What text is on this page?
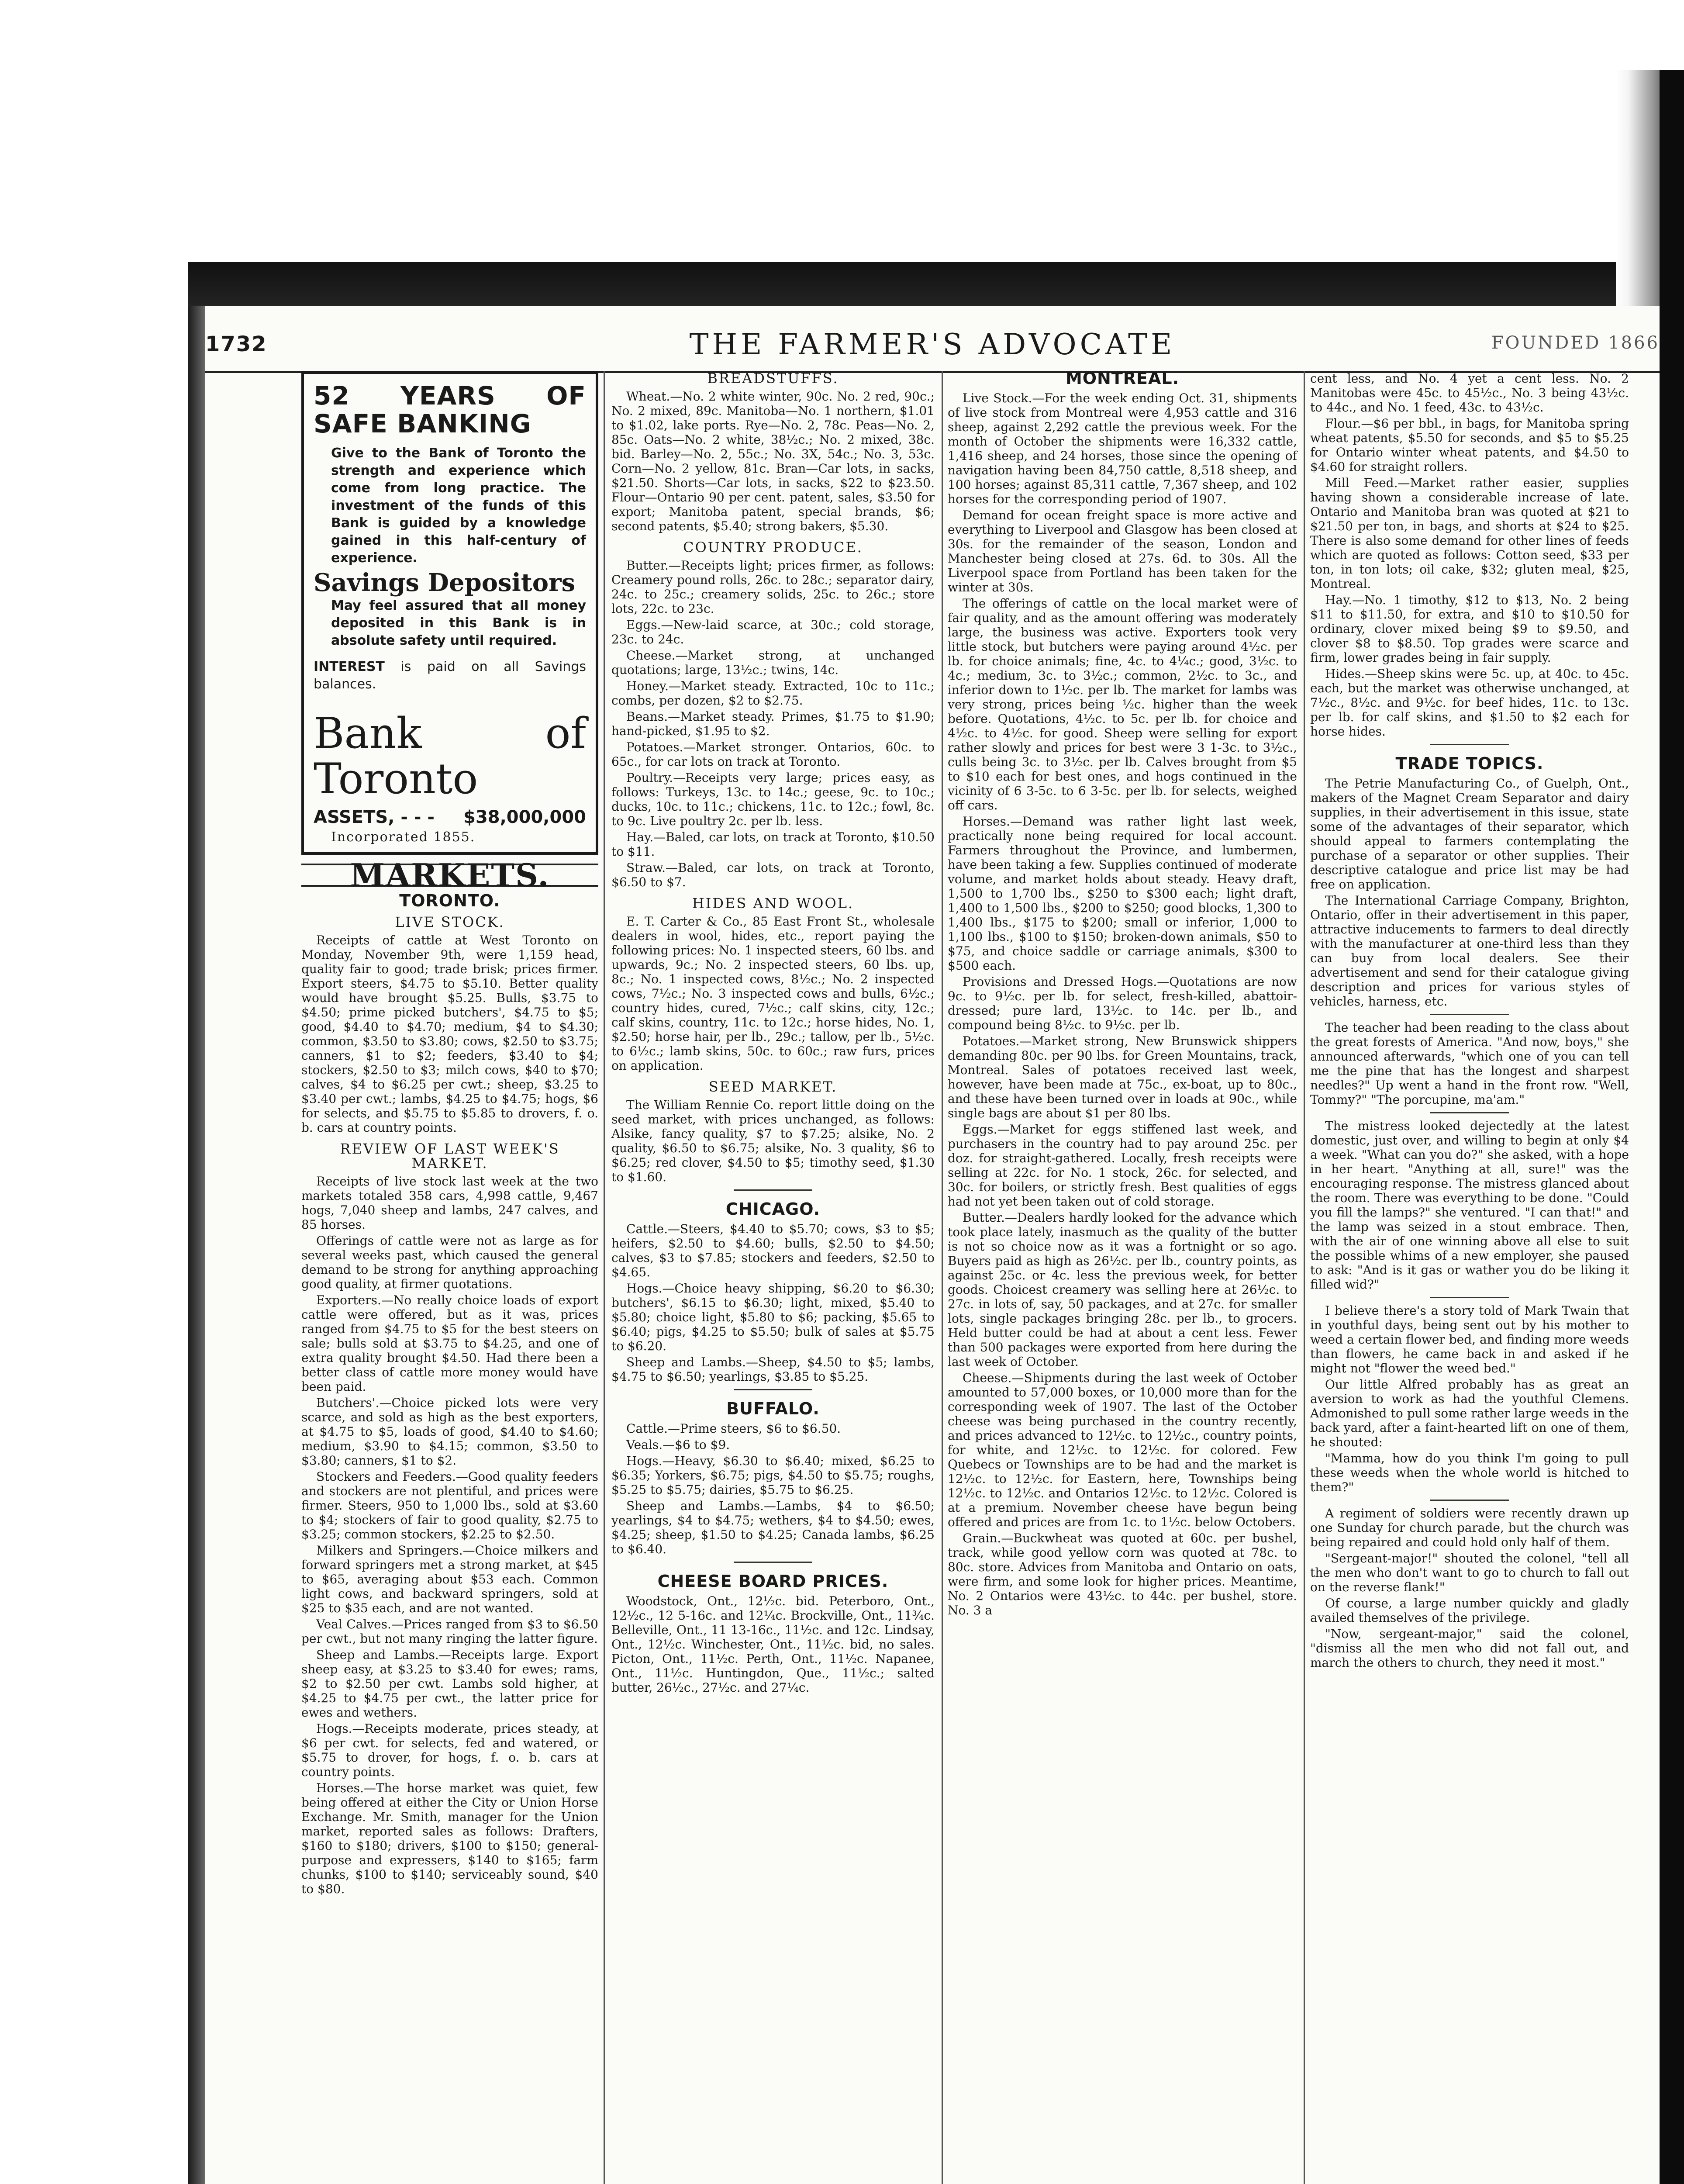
1732	THE FARMER'S ADVOCATE	FOUNDED 1866
52 YEARS OF SAFE BANKING
Give to the Bank of Toronto the strength and experience which come from long practice. The investment of the funds of this Bank is guided by a knowledge gained in this half-century of experience.
Savings Depositors
May feel assured that all money deposited in this Bank is in absolute safety until required.
INTEREST is paid on all Savings balances.
Bank of Toronto
ASSETS, - - - $38,000,000
Incorporated 1855.
MARKETS.
TORONTO.
LIVE STOCK.

Receipts of cattle at West Toronto on Monday, November 9th, were 1,159 head, quality fair to good; trade brisk; prices firmer. Export steers, $4.75 to $5.10. Better quality would have brought $5.25. Bulls, $3.75 to $4.50; prime picked butchers', $4.75 to $5; good, $4.40 to $4.70; medium, $4 to $4.30; common, $3.50 to $3.80; cows, $2.50 to $3.75; canners, $1 to $2; feeders, $3.40 to $4; stockers, $2.50 to $3; milch cows, $40 to $70; calves, $4 to $6.25 per cwt.; sheep, $3.25 to $3.40 per cwt.; lambs, $4.25 to $4.75; hogs, $6 for selects, and $5.75 to $5.85 to drovers, f. o. b. cars at country points.

REVIEW OF LAST WEEK'S MARKET.

Receipts of live stock last week at the two markets totaled 358 cars, 4,998 cattle, 9,467 hogs, 7,040 sheep and lambs, 247 calves, and 85 horses.

Offerings of cattle were not as large as for several weeks past, which caused the general demand to be strong for anything approaching good quality, at firmer quotations.

Exporters.—No really choice loads of export cattle were offered, but as it was, prices ranged from $4.75 to $5 for the best steers on sale; bulls sold at $3.75 to $4.25, and one of extra quality brought $4.50. Had there been a better class of cattle more money would have been paid.

Butchers'.—Choice picked lots were very scarce, and sold as high as the best exporters, at $4.75 to $5, loads of good, $4.40 to $4.60; medium, $3.90 to $4.15; common, $3.50 to $3.80; canners, $1 to $2.

Stockers and Feeders.—Good quality feeders and stockers are not plentiful, and prices were firmer. Steers, 950 to 1,000 lbs., sold at $3.60 to $4; stockers of fair to good quality, $2.75 to $3.25; common stockers, $2.25 to $2.50.

Milkers and Springers.—Choice milkers and forward springers met a strong market, at $45 to $65, averaging about $53 each. Common light cows, and backward springers, sold at $25 to $35 each, and are not wanted.

Veal Calves.—Prices ranged from $3 to $6.50 per cwt., but not many ringing the latter figure.

Sheep and Lambs.—Receipts large. Export sheep easy, at $3.25 to $3.40 for ewes; rams, $2 to $2.50 per cwt. Lambs sold higher, at $4.25 to $4.75 per cwt., the latter price for ewes and wethers.

Hogs.—Receipts moderate, prices steady, at $6 per cwt. for selects, fed and watered, or $5.75 to drover, for hogs, f. o. b. cars at country points.

Horses.—The horse market was quiet, few being offered at either the City or Union Horse Exchange. Mr. Smith, manager for the Union market, reported sales as follows: Drafters, $160 to $180; drivers, $100 to $150; general-purpose and expressers, $140 to $165; farm chunks, $100 to $140; serviceably sound, $40 to $80.

BREADSTUFFS.

Wheat.—No. 2 white winter, 90c. No. 2 red, 90c.; No. 2 mixed, 89c. Manitoba—No. 1 northern, $1.01 to $1.02, lake ports. Rye—No. 2, 78c. Peas—No. 2, 85c. Oats—No. 2 white, 38½c.; No. 2 mixed, 38c. bid. Barley—No. 2, 55c.; No. 3X, 54c.; No. 3, 53c. Corn—No. 2 yellow, 81c. Bran—Car lots, in sacks, $21.50. Shorts—Car lots, in sacks, $22 to $23.50. Flour—Ontario 90 per cent. patent, sales, $3.50 for export; Manitoba patent, special brands, $6; second patents, $5.40; strong bakers, $5.30.

COUNTRY PRODUCE.

Butter.—Receipts light; prices firmer, as follows: Creamery pound rolls, 26c. to 28c.; separator dairy, 24c. to 25c.; creamery solids, 25c. to 26c.; store lots, 22c. to 23c.

Eggs.—New-laid scarce, at 30c.; cold storage, 23c. to 24c.

Cheese.—Market strong, at unchanged quotations; large, 13½c.; twins, 14c.

Honey.—Market steady. Extracted, 10c to 11c.; combs, per dozen, $2 to $2.75.

Beans.—Market steady. Primes, $1.75 to $1.90; hand-picked, $1.95 to $2.

Potatoes.—Market stronger. Ontarios, 60c. to 65c., for car lots on track at Toronto.

Poultry.—Receipts very large; prices easy, as follows: Turkeys, 13c. to 14c.; geese, 9c. to 10c.; ducks, 10c. to 11c.; chickens, 11c. to 12c.; fowl, 8c. to 9c. Live poultry 2c. per lb. less.

Hay.—Baled, car lots, on track at Toronto, $10.50 to $11.

Straw.—Baled, car lots, on track at Toronto, $6.50 to $7.

HIDES AND WOOL.

E. T. Carter & Co., 85 East Front St., wholesale dealers in wool, hides, etc., report paying the following prices: No. 1 inspected steers, 60 lbs. and upwards, 9c.; No. 2 inspected steers, 60 lbs. up, 8c.; No. 1 inspected cows, 8½c.; No. 2 inspected cows, 7½c.; No. 3 inspected cows and bulls, 6½c.; country hides, cured, 7½c.; calf skins, city, 12c.; calf skins, country, 11c. to 12c.; horse hides, No. 1, $2.50; horse hair, per lb., 29c.; tallow, per lb., 5½c. to 6½c.; lamb skins, 50c. to 60c.; raw furs, prices on application.

SEED MARKET.

The William Rennie Co. report little doing on the seed market, with prices unchanged, as follows: Alsike, fancy quality, $7 to $7.25; alsike, No. 2 quality, $6.50 to $6.75; alsike, No. 3 quality, $6 to $6.25; red clover, $4.50 to $5; timothy seed, $1.30 to $1.60.

CHICAGO.

Cattle.—Steers, $4.40 to $5.70; cows, $3 to $5; heifers, $2.50 to $4.60; bulls, $2.50 to $4.50; calves, $3 to $7.85; stockers and feeders, $2.50 to $4.65.

Hogs.—Choice heavy shipping, $6.20 to $6.30; butchers', $6.15 to $6.30; light, mixed, $5.40 to $5.80; choice light, $5.80 to $6; packing, $5.65 to $6.40; pigs, $4.25 to $5.50; bulk of sales at $5.75 to $6.20.

Sheep and Lambs.—Sheep, $4.50 to $5; lambs, $4.75 to $6.50; yearlings, $3.85 to $5.25.

BUFFALO.

Cattle.—Prime steers, $6 to $6.50.

Veals.—$6 to $9.

Hogs.—Heavy, $6.30 to $6.40; mixed, $6.25 to $6.35; Yorkers, $6.75; pigs, $4.50 to $5.75; roughs, $5.25 to $5.75; dairies, $5.75 to $6.25.

Sheep and Lambs.—Lambs, $4 to $6.50; yearlings, $4 to $4.75; wethers, $4 to $4.50; ewes, $4.25; sheep, $1.50 to $4.25; Canada lambs, $6.25 to $6.40.

CHEESE BOARD PRICES.

Woodstock, Ont., 12½c. bid. Peterboro, Ont., 12½c., 12 5-16c. and 12¼c. Brockville, Ont., 11¾c. Belleville, Ont., 11 13-16c., 11½c. and 12c. Lindsay, Ont., 12½c. Winchester, Ont., 11½c. bid, no sales. Picton, Ont., 11½c. Perth, Ont., 11½c. Napanee, Ont., 11½c. Huntingdon, Que., 11½c.; salted butter, 26½c., 27½c. and 27¼c.

MONTREAL.

Live Stock.—For the week ending Oct. 31, shipments of live stock from Montreal were 4,953 cattle and 316 sheep, against 2,292 cattle the previous week. For the month of October the shipments were 16,332 cattle, 1,416 sheep, and 24 horses, those since the opening of navigation having been 84,750 cattle, 8,518 sheep, and 100 horses; against 85,311 cattle, 7,367 sheep, and 102 horses for the corresponding period of 1907.

Demand for ocean freight space is more active and everything to Liverpool and Glasgow has been closed at 30s. for the remainder of the season, London and Manchester being closed at 27s. 6d. to 30s. All the Liverpool space from Portland has been taken for the winter at 30s.

The offerings of cattle on the local market were of fair quality, and as the amount offering was moderately large, the business was active. Exporters took very little stock, but butchers were paying around 4½c. per lb. for choice animals; fine, 4c. to 4¼c.; good, 3½c. to 4c.; medium, 3c. to 3½c.; common, 2½c. to 3c., and inferior down to 1½c. per lb. The market for lambs was very strong, prices being ½c. higher than the week before. Quotations, 4½c. to 5c. per lb. for choice and 4½c. to 4½c. for good. Sheep were selling for export rather slowly and prices for best were 3 1-3c. to 3½c., culls being 3c. to 3½c. per lb. Calves brought from $5 to $10 each for best ones, and hogs continued in the vicinity of 6 3-5c. to 6 3-5c. per lb. for selects, weighed off cars.

Horses.—Demand was rather light last week, practically none being required for local account. Farmers throughout the Province, and lumbermen, have been taking a few. Supplies continued of moderate volume, and market holds about steady. Heavy draft, 1,500 to 1,700 lbs., $250 to $300 each; light draft, 1,400 to 1,500 lbs., $200 to $250; good blocks, 1,300 to 1,400 lbs., $175 to $200; small or inferior, 1,000 to 1,100 lbs., $100 to $150; broken-down animals, $50 to $75, and choice saddle or carriage animals, $300 to $500 each.

Provisions and Dressed Hogs.—Quotations are now 9c. to 9½c. per lb. for select, fresh-killed, abattoir-dressed; pure lard, 13½c. to 14c. per lb., and compound being 8½c. to 9½c. per lb.

Potatoes.—Market strong, New Brunswick shippers demanding 80c. per 90 lbs. for Green Mountains, track, Montreal. Sales of potatoes received last week, however, have been made at 75c., ex-boat, up to 80c., and these have been turned over in loads at 90c., while single bags are about $1 per 80 lbs.

Eggs.—Market for eggs stiffened last week, and purchasers in the country had to pay around 25c. per doz. for straight-gathered. Locally, fresh receipts were selling at 22c. for No. 1 stock, 26c. for selected, and 30c. for boilers, or strictly fresh. Best qualities of eggs had not yet been taken out of cold storage.

Butter.—Dealers hardly looked for the advance which took place lately, inasmuch as the quality of the butter is not so choice now as it was a fortnight or so ago. Buyers paid as high as 26½c. per lb., country points, as against 25c. or 4c. less the previous week, for better goods. Choicest creamery was selling here at 26½c. to 27c. in lots of, say, 50 packages, and at 27c. for smaller lots, single packages bringing 28c. per lb., to grocers. Held butter could be had at about a cent less. Fewer than 500 packages were exported from here during the last week of October.

Cheese.—Shipments during the last week of October amounted to 57,000 boxes, or 10,000 more than for the corresponding week of 1907. The last of the October cheese was being purchased in the country recently, and prices advanced to 12½c. to 12½c., country points, for white, and 12½c. to 12½c. for colored. Few Quebecs or Townships are to be had and the market is 12½c. to 12½c. for Eastern, here, Townships being 12½c. to 12½c. and Ontarios 12½c. to 12½c. Colored is at a premium. November cheese have begun being offered and prices are from 1c. to 1½c. below Octobers.

Grain.—Buckwheat was quoted at 60c. per bushel, track, while good yellow corn was quoted at 78c. to 80c. store. Advices from Manitoba and Ontario on oats, were firm, and some look for higher prices. Meantime, No. 2 Ontarios were 43½c. to 44c. per bushel, store. No. 3 a

cent less, and No. 4 yet a cent less. No. 2 Manitobas were 45c. to 45½c., No. 3 being 43½c. to 44c., and No. 1 feed, 43c. to 43½c.

Flour.—$6 per bbl., in bags, for Manitoba spring wheat patents, $5.50 for seconds, and $5 to $5.25 for Ontario winter wheat patents, and $4.50 to $4.60 for straight rollers.

Mill Feed.—Market rather easier, supplies having shown a considerable increase of late. Ontario and Manitoba bran was quoted at $21 to $21.50 per ton, in bags, and shorts at $24 to $25. There is also some demand for other lines of feeds which are quoted as follows: Cotton seed, $33 per ton, in ton lots; oil cake, $32; gluten meal, $25, Montreal.

Hay.—No. 1 timothy, $12 to $13, No. 2 being $11 to $11.50, for extra, and $10 to $10.50 for ordinary, clover mixed being $9 to $9.50, and clover $8 to $8.50. Top grades were scarce and firm, lower grades being in fair supply.

Hides.—Sheep skins were 5c. up, at 40c. to 45c. each, but the market was otherwise unchanged, at 7½c., 8½c. and 9½c. for beef hides, 11c. to 13c. per lb. for calf skins, and $1.50 to $2 each for horse hides.

TRADE TOPICS.

The Petrie Manufacturing Co., of Guelph, Ont., makers of the Magnet Cream Separator and dairy supplies, in their advertisement in this issue, state some of the advantages of their separator, which should appeal to farmers contemplating the purchase of a separator or other supplies. Their descriptive catalogue and price list may be had free on application.

The International Carriage Company, Brighton, Ontario, offer in their advertisement in this paper, attractive inducements to farmers to deal directly with the manufacturer at one-third less than they can buy from local dealers. See their advertisement and send for their catalogue giving description and prices for various styles of vehicles, harness, etc.

The teacher had been reading to the class about the great forests of America. "And now, boys," she announced afterwards, "which one of you can tell me the pine that has the longest and sharpest needles?" Up went a hand in the front row. "Well, Tommy?" "The porcupine, ma'am."

The mistress looked dejectedly at the latest domestic, just over, and willing to begin at only $4 a week. "What can you do?" she asked, with a hope in her heart. "Anything at all, sure!" was the encouraging response. The mistress glanced about the room. There was everything to be done. "Could you fill the lamps?" she ventured. "I can that!" and the lamp was seized in a stout embrace. Then, with the air of one winning above all else to suit the possible whims of a new employer, she paused to ask: "And is it gas or wather you do be liking it filled wid?"

I believe there's a story told of Mark Twain that in youthful days, being sent out by his mother to weed a certain flower bed, and finding more weeds than flowers, he came back in and asked if he might not "flower the weed bed."

Our little Alfred probably has as great an aversion to work as had the youthful Clemens. Admonished to pull some rather large weeds in the back yard, after a faint-hearted lift on one of them, he shouted:

"Mamma, how do you think I'm going to pull these weeds when the whole world is hitched to them?"

A regiment of soldiers were recently drawn up one Sunday for church parade, but the church was being repaired and could hold only half of them.

"Sergeant-major!" shouted the colonel, "tell all the men who don't want to go to church to fall out on the reverse flank!"

Of course, a large number quickly and gladly availed themselves of the privilege.

"Now, sergeant-major," said the colonel, "dismiss all the men who did not fall out, and march the others to church, they need it most."
